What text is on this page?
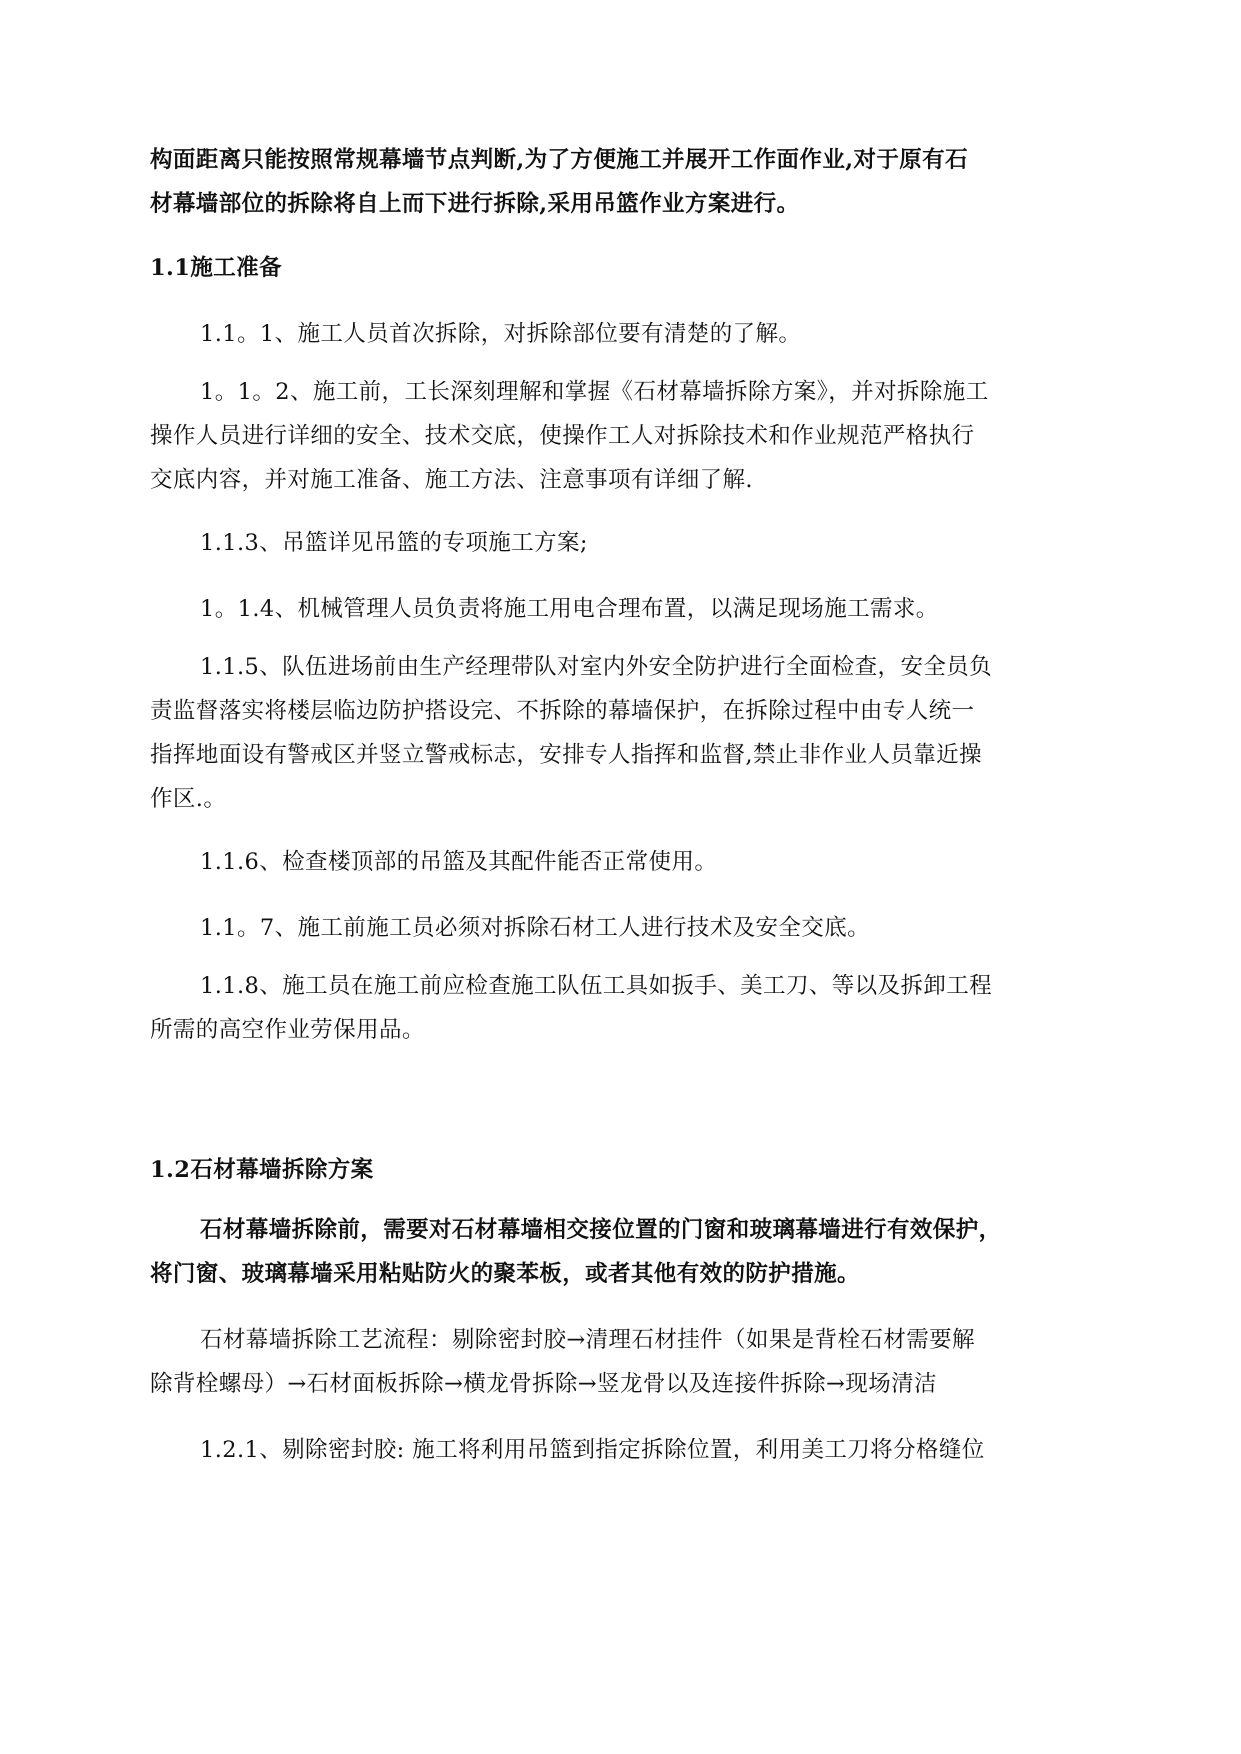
构面距离只能按照常规幕墙节点判断,为了方便施工并展开工作面作业,对于原有石

材幕墙部位的拆除将自上而下进行拆除,采用吊篮作业方案进行。

1.1施工准备

1.1。1、施工人员首次拆除，对拆除部位要有清楚的了解。

1。1。2、施工前，工长深刻理解和掌握《石材幕墙拆除方案》，并对拆除施工

操作人员进行详细的安全、技术交底，使操作工人对拆除技术和作业规范严格执行

交底内容，并对施工准备、施工方法、注意事项有详细了解.

1.1.3、吊篮详见吊篮的专项施工方案;

1。1.4、机械管理人员负责将施工用电合理布置，以满足现场施工需求。

1.1.5、队伍进场前由生产经理带队对室内外安全防护进行全面检查，安全员负

责监督落实将楼层临边防护搭设完、不拆除的幕墙保护，在拆除过程中由专人统一

指挥地面设有警戒区并竖立警戒标志，安排专人指挥和监督,禁止非作业人员靠近操

作区.。

1.1.6、检查楼顶部的吊篮及其配件能否正常使用。

1.1。7、施工前施工员必须对拆除石材工人进行技术及安全交底。

1.1.8、施工员在施工前应检查施工队伍工具如扳手、美工刀、等以及拆卸工程

所需的高空作业劳保用品。

1.2石材幕墙拆除方案

石材幕墙拆除前，需要对石材幕墙相交接位置的门窗和玻璃幕墙进行有效保护，

将门窗、玻璃幕墙采用粘贴防火的聚苯板，或者其他有效的防护措施。

石材幕墙拆除工艺流程：剔除密封胶→清理石材挂件（如果是背栓石材需要解

除背栓螺母）→石材面板拆除→横龙骨拆除→竖龙骨以及连接件拆除→现场清洁

1.2.1、剔除密封胶: 施工将利用吊篮到指定拆除位置，利用美工刀将分格缝位
